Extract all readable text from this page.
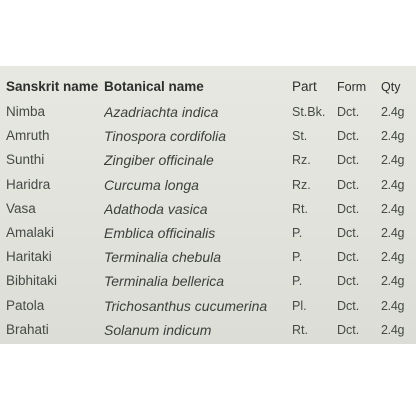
Sanskrit name	Botanical name	Part	Form	Qty
Nimba	Azadriachta indica	St.Bk.	Dct.	2.4g
Amruth	Tinospora cordifolia	St.	Dct.	2.4g
Sunthi	Zingiber officinale	Rz.	Dct.	2.4g
Haridra	Curcuma longa	Rz.	Dct.	2.4g
Vasa	Adathoda vasica	Rt.	Dct.	2.4g
Amalaki	Emblica officinalis	P.	Dct.	2.4g
Haritaki	Terminalia chebula	P.	Dct.	2.4g
Bibhitaki	Terminalia bellerica	P.	Dct.	2.4g
Patola	Trichosanthus cucumerina	Pl.	Dct.	2.4g
Brahati	Solanum indicum	Rt.	Dct.	2.4g
